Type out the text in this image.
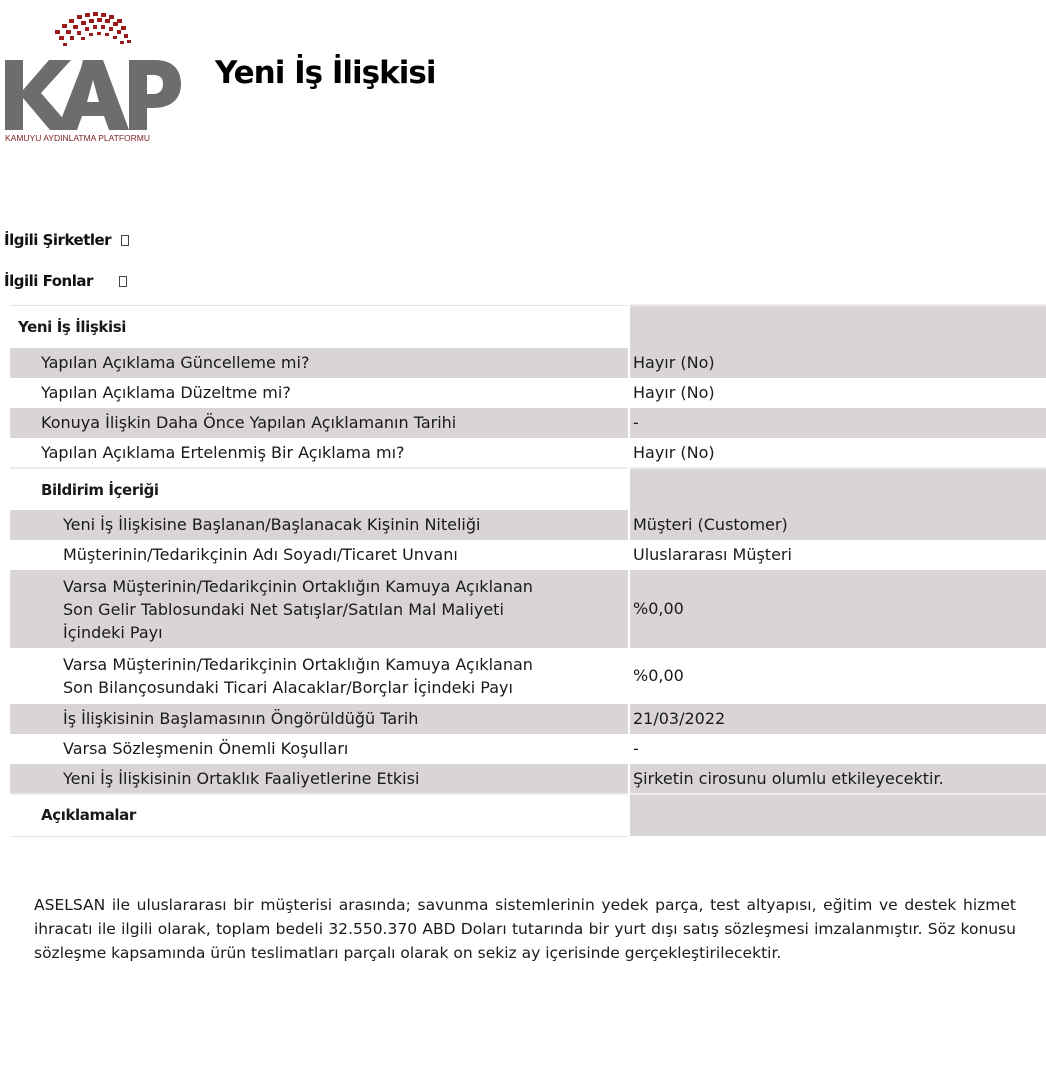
KAMUYU AYDINLATMA PLATFORMU
Yeni İş İlişkisi
İlgili Şirketler
İlgili Fonlar
Yeni İş İlişkisi	
Yapılan Açıklama Güncelleme mi?	Hayır (No)
Yapılan Açıklama Düzeltme mi?	Hayır (No)
Konuya İlişkin Daha Önce Yapılan Açıklamanın Tarihi	-
Yapılan Açıklama Ertelenmiş Bir Açıklama mı?	Hayır (No)
Bildirim İçeriği	
Yeni İş İlişkisine Başlanan/Başlanacak Kişinin Niteliği	Müşteri (Customer)
Müşterinin/Tedarikçinin Adı Soyadı/Ticaret Unvanı	Uluslararası Müşteri
Varsa Müşterinin/Tedarikçinin Ortaklığın Kamuya Açıklanan Son Gelir Tablosundaki Net Satışlar/Satılan Mal Maliyeti İçindeki Payı	%0,00
Varsa Müşterinin/Tedarikçinin Ortaklığın Kamuya Açıklanan Son Bilançosundaki Ticari Alacaklar/Borçlar İçindeki Payı	%0,00
İş İlişkisinin Başlamasının Öngörüldüğü Tarih	21/03/2022
Varsa Sözleşmenin Önemli Koşulları	-
Yeni İş İlişkisinin Ortaklık Faaliyetlerine Etkisi	Şirketin cirosunu olumlu etkileyecektir.
Açıklamalar	
ASELSAN ile uluslararası bir müşterisi arasında; savunma sistemlerinin yedek parça, test altyapısı, eğitim ve destek hizmet ihracatı ile ilgili olarak, toplam bedeli 32.550.370 ABD Doları tutarında bir yurt dışı satış sözleşmesi imzalanmıştır. Söz konusu sözleşme kapsamında ürün teslimatları parçalı olarak on sekiz ay içerisinde gerçekleştirilecektir.
